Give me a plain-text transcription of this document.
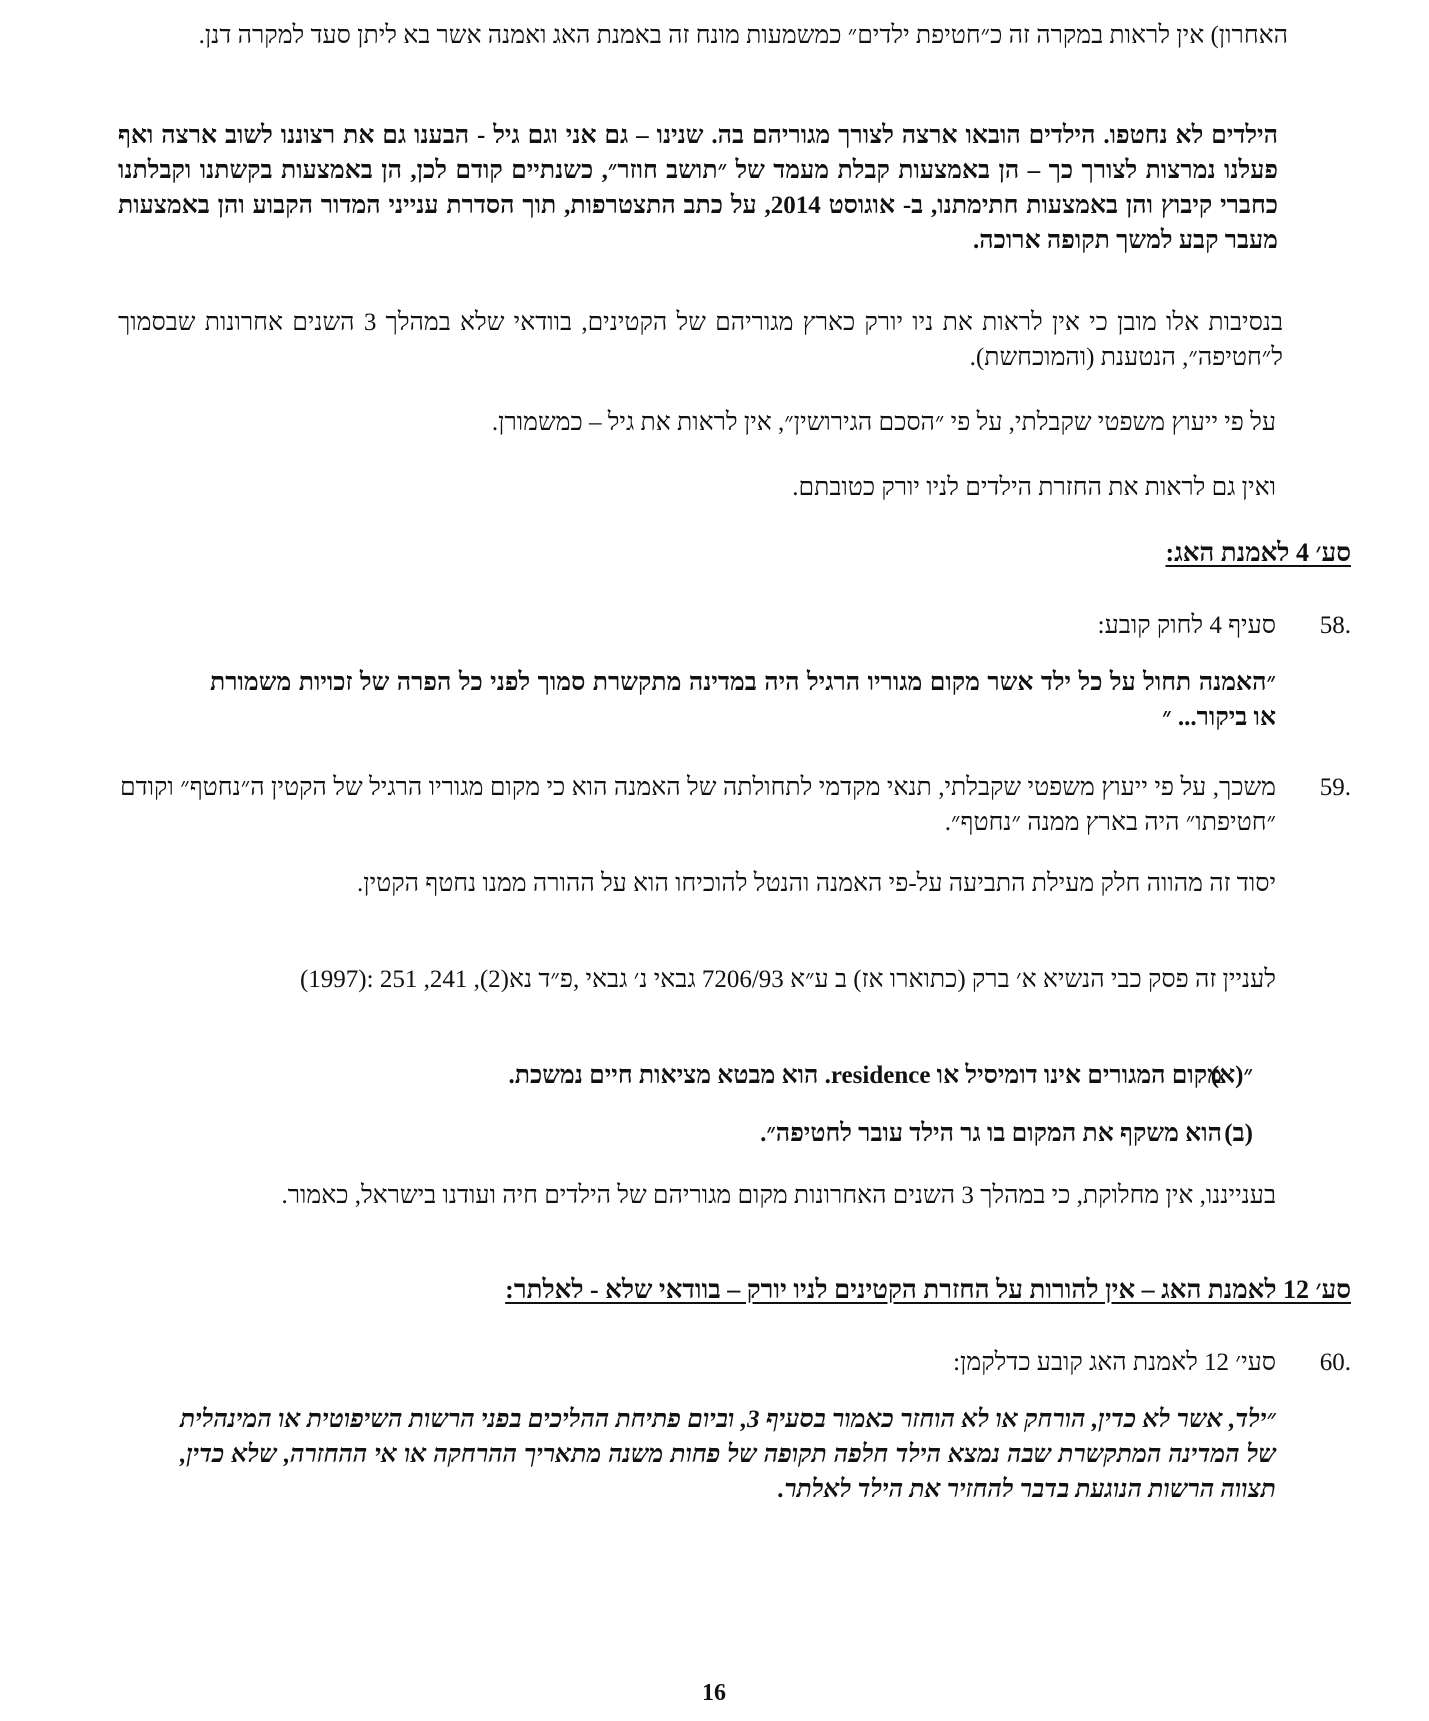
האחרון) אין לראות במקרה זה כ״חטיפת ילדים״ כמשמעות מונח זה באמנת האג ואמנה אשר בא ליתן סעד למקרה דנן.

הילדים לא נחטפו. הילדים הובאו ארצה לצורך מגוריהם בה. שנינו – גם אני וגם גיל - הבענו גם את רצוננו לשוב ארצה ואף פעלנו נמרצות לצורך כך – הן באמצעות קבלת מעמד של ״תושב חוזר״, כשנתיים קודם לכן, הן באמצעות בקשתנו וקבלתנו כחברי קיבוץ והן באמצעות חתימתנו, ב- אוגוסט 2014, על כתב התצטרפות, תוך הסדרת ענייני המדור הקבוע והן באמצעות מעבר קבע למשך תקופה ארוכה.

בנסיבות אלו מובן כי אין לראות את ניו יורק כארץ מגוריהם של הקטינים, בוודאי שלא במהלך 3 השנים אחרונות שבסמוך ל״חטיפה״, הנטענת (והמוכחשת).

על פי ייעוץ משפטי שקבלתי, על פי ״הסכם הגירושין״, אין לראות את גיל – כמשמורן.

ואין גם לראות את החזרת הילדים לניו יורק כטובתם.

סע׳ 4 לאמנת האג:

.58

סעיף 4 לחוק קובע:

״האמנה תחול על כל ילד אשר מקום מגוריו הרגיל היה במדינה מתקשרת סמוך לפני כל הפרה של זכויות משמורת או ביקור... ״

.59

משכך, על פי ייעוץ משפטי שקבלתי, תנאי מקדמי לתחולתה של האמנה הוא כי מקום מגוריו הרגיל של הקטין ה״נחטף״ וקודם ״חטיפתו״ היה בארץ ממנה ״נחטף״.

יסוד זה מהווה חלק מעילת התביעה על-פי האמנה והנטל להוכיחו הוא על ההורה ממנו נחטף הקטין.

לעניין זה פסק כבי הנשיא א׳ ברק (כתוארו אז) ב ע״א 7206/93 גבאי נ׳ גבאי ,פ״ד נא(2), 241, 251 :(1997)

״(א)

מקום המגורים אינו דומיסיל או residence. הוא מבטא מציאות חיים נמשכת.

(ב)

הוא משקף את המקום בו גר הילד עובר לחטיפה״.

בענייננו, אין מחלוקת, כי במהלך 3 השנים האחרונות מקום מגוריהם של הילדים חיה ועודנו בישראל, כאמור.

סע׳ 12 לאמנת האג – אין להורות על החזרת הקטינים לניו יורק – בוודאי שלא - לאלתר:

.60

סעי׳ 12 לאמנת האג קובע כדלקמן:

״ילד, אשר לא כדין, הורחק או לא הוחזר כאמור בסעיף 3, וביום פתיחת ההליכים בפני הרשות השיפוטית או המינהלית של המדינה המתקשרת שבה נמצא הילד חלפה תקופה של פחות משנה מתאריך ההרחקה או אי ההחזרה, שלא כדין, תצווה הרשות הנוגעת בדבר להחזיר את הילד לאלתר.

16
